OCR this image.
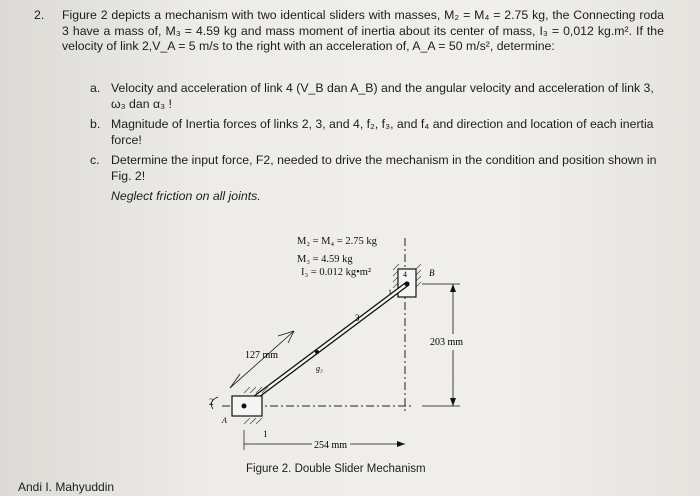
2. Figure 2 depicts a mechanism with two identical sliders with masses, M₂ = M₄ = 2.75 kg, the Connecting roda 3 have a mass of, M₃ = 4.59 kg and mass moment of inertia about its center of mass, I₃ = 0,012 kg.m². If the velocity of link 2,V_A = 5 m/s to the right with an acceleration of, A_A = 50 m/s², determine:
a. Velocity and acceleration of link 4 (V_B dan A_B) and the angular velocity and acceleration of link 3, ω₃ dan α₃ !
b. Magnitude of Inertia forces of links 2, 3, and 4, f₂, f₃, and f₄ and direction and location of each inertia force!
c. Determine the input force, F2, needed to drive the mechanism in the condition and position shown in Fig. 2!
Neglect friction on all joints.
M₂ = M₄ = 2.75 kg
M₃ = 4.59 kg
I₃ = 0.012 kg•m²	4 B
1
3
g₃
127 mm
203 mm
A
2
1
254 mm
Figure 2. Double Slider Mechanism
Andi I. Mahyuddin
